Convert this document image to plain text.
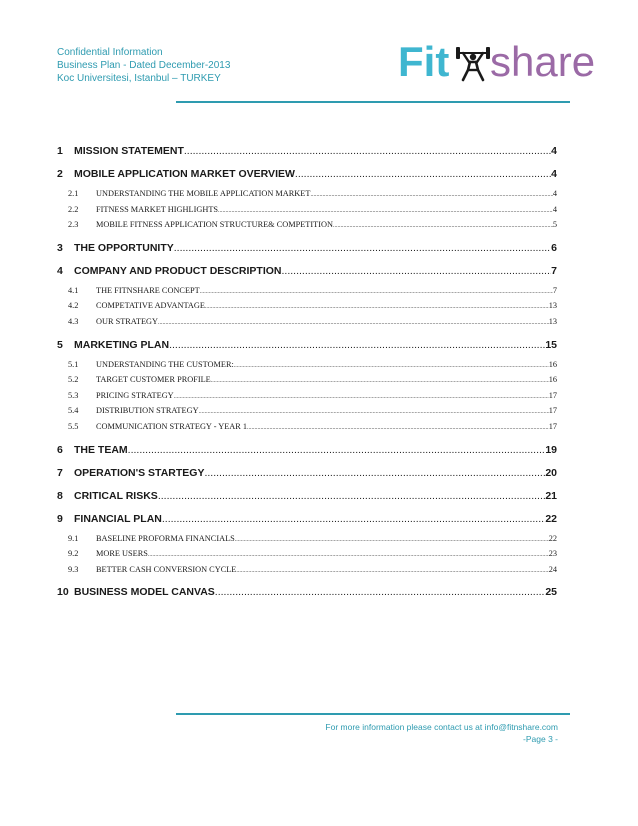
Confidential Information
Business Plan - Dated December-2013
Koc Universitesi, Istanbul – TURKEY	Fit share
1	MISSION STATEMENT .....	4
2	MOBILE APPLICATION MARKET OVERVIEW .....	4
2.1	UNDERSTANDING THE MOBILE APPLICATION MARKET .....	4
2.2	FITNESS MARKET HIGHLIGHTS .....	4
2.3	MOBILE FITNESS APPLICATION STRUCTURE& COMPETITION .....	5
3	THE OPPORTUNITY .....	6
4	COMPANY AND PRODUCT DESCRIPTION .....	7
4.1	THE FITNSHARE CONCEPT .....	7
4.2	COMPETATIVE ADVANTAGE .....	13
4.3	OUR STRATEGY .....	13
5	MARKETING PLAN .....	15
5.1	UNDERSTANDING THE CUSTOMER: .....	16
5.2	TARGET CUSTOMER PROFILE .....	16
5.3	PRICING STRATEGY .....	17
5.4	DISTRIBUTION STRATEGY .....	17
5.5	COMMUNICATION STRATEGY - YEAR 1 .....	17
6	THE TEAM .....	19
7	OPERATION'S STARTEGY .....	20
8	CRITICAL RISKS .....	21
9	FINANCIAL PLAN .....	22
9.1	BASELINE PROFORMA FINANCIALS .....	22
9.2	MORE USERS .....	23
9.3	BETTER CASH CONVERSION CYCLE .....	24
10 BUSINESS MODEL CANVAS .....	25
For more information please contact us at info@fitnshare.com
-Page 3 -
